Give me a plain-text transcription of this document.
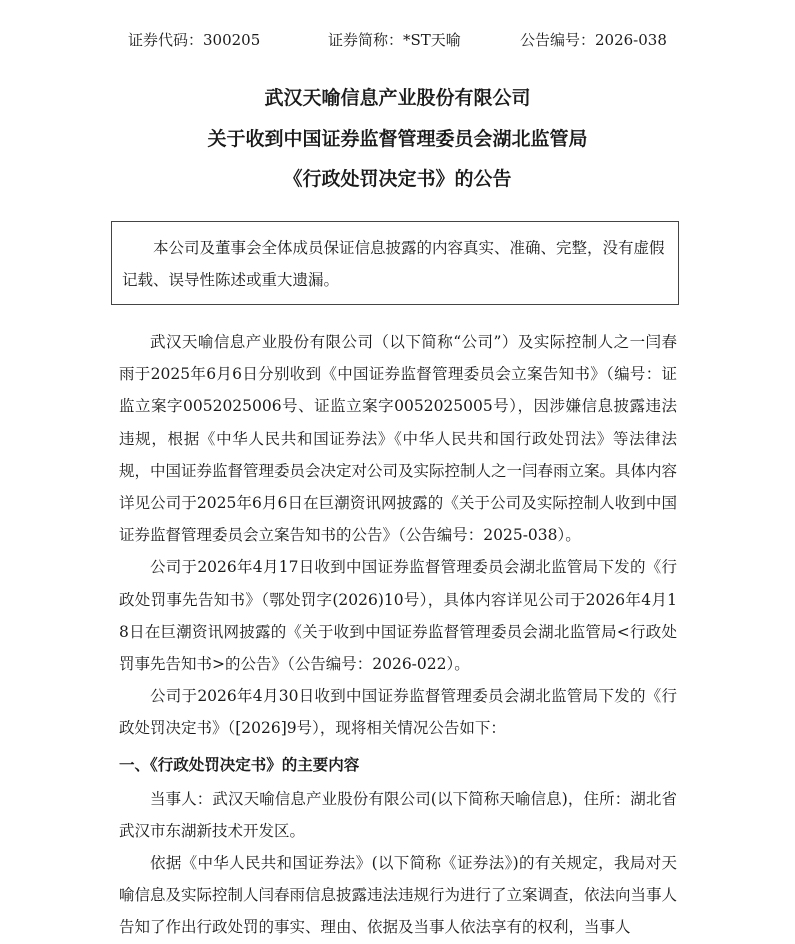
证券代码：300205	证券简称：*ST天喻	公告编号：2026-038
武汉天喻信息产业股份有限公司
关于收到中国证券监督管理委员会湖北监管局
《行政处罚决定书》的公告

本公司及董事会全体成员保证信息披露的内容真实、准确、完整，没有虚假记载、误导性陈述或重大遗漏。

武汉天喻信息产业股份有限公司（以下简称“公司”）及实际控制人之一闫春雨于2025年6月6日分别收到《中国证券监督管理委员会立案告知书》（编号：证监立案字0052025006号、证监立案字0052025005号），因涉嫌信息披露违法违规，根据《中华人民共和国证券法》《中华人民共和国行政处罚法》等法律法规，中国证券监督管理委员会决定对公司及实际控制人之一闫春雨立案。具体内容详见公司于2025年6月6日在巨潮资讯网披露的《关于公司及实际控制人收到中国证券监督管理委员会立案告知书的公告》（公告编号：2025-038）。

公司于2026年4月17日收到中国证券监督管理委员会湖北监管局下发的《行政处罚事先告知书》（鄂处罚字(2026)10号），具体内容详见公司于2026年4月18日在巨潮资讯网披露的《关于收到中国证券监督管理委员会湖北监管局<行政处罚事先告知书>的公告》（公告编号：2026-022）。

公司于2026年4月30日收到中国证券监督管理委员会湖北监管局下发的《行政处罚决定书》（[2026]9号），现将相关情况公告如下：

一、《行政处罚决定书》的主要内容

当事人：武汉天喻信息产业股份有限公司(以下简称天喻信息)，住所：湖北省武汉市东湖新技术开发区。

依据《中华人民共和国证券法》(以下简称《证券法》)的有关规定，我局对天喻信息及实际控制人闫春雨信息披露违法违规行为进行了立案调查，依法向当事人告知了作出行政处罚的事实、理由、依据及当事人依法享有的权利，当事人
